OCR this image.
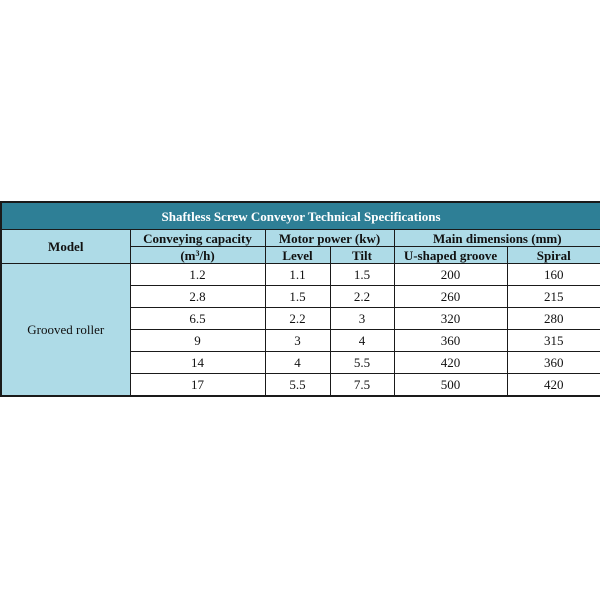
Shaftless Screw Conveyor Technical Specifications					
Model	Conveying capacity	Motor power (kw)		Main dimensions (mm)	
	$(m^3/h)$	Level	Tilt	U-shaped groove	Spiral
Grooved roller	1.2	1.1	1.5	200	160
	2.8	1.5	2.2	260	215
	6.5	2.2	3	320	280
	9	3	4	360	315
	14	4	5.5	420	360
	17	5.5	7.5	500	420
